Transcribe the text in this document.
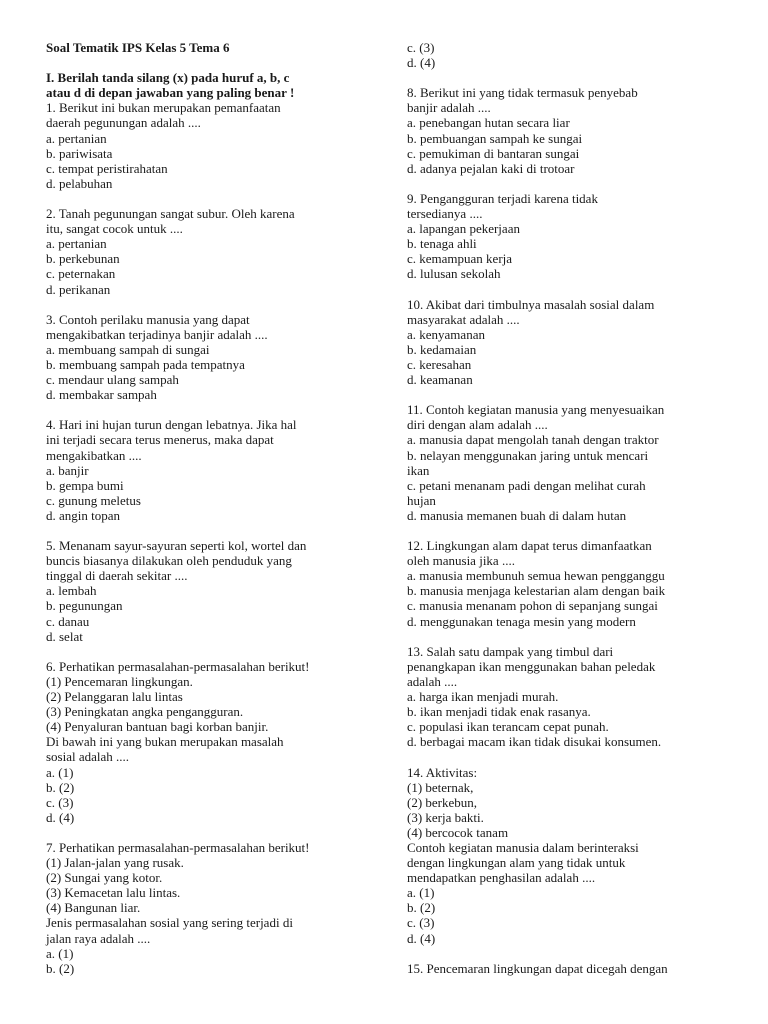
Soal Tematik IPS Kelas 5 Tema 6

I. Berilah tanda silang (x) pada huruf a, b, c

atau d di depan jawaban yang paling benar !

1. Berikut ini bukan merupakan pemanfaatan

daerah pegunungan adalah ....

a. pertanian

b. pariwisata

c. tempat peristirahatan

d. pelabuhan

2. Tanah pegunungan sangat subur. Oleh karena

itu, sangat cocok untuk ....

a. pertanian

b. perkebunan

c. peternakan

d. perikanan

3. Contoh perilaku manusia yang dapat

mengakibatkan terjadinya banjir adalah ....

a. membuang sampah di sungai

b. membuang sampah pada tempatnya

c. mendaur ulang sampah

d. membakar sampah

4. Hari ini hujan turun dengan lebatnya. Jika hal

ini terjadi secara terus menerus, maka dapat

mengakibatkan ....

a. banjir

b. gempa bumi

c. gunung meletus

d. angin topan

5. Menanam sayur-sayuran seperti kol, wortel dan

buncis biasanya dilakukan oleh penduduk yang

tinggal di daerah sekitar ....

a. lembah

b. pegunungan

c. danau

d. selat

6. Perhatikan permasalahan-permasalahan berikut!

(1) Pencemaran lingkungan.

(2) Pelanggaran lalu lintas

(3) Peningkatan angka pengangguran.

(4) Penyaluran bantuan bagi korban banjir.

Di bawah ini yang bukan merupakan masalah

sosial adalah ....

a. (1)

b. (2)

c. (3)

d. (4)

7. Perhatikan permasalahan-permasalahan berikut!

(1) Jalan-jalan yang rusak.

(2) Sungai yang kotor.

(3) Kemacetan lalu lintas.

(4) Bangunan liar.

Jenis permasalahan sosial yang sering terjadi di

jalan raya adalah ....

a. (1)

b. (2)

c. (3)

d. (4)

8. Berikut ini yang tidak termasuk penyebab

banjir adalah ....

a. penebangan hutan secara liar

b. pembuangan sampah ke sungai

c. pemukiman di bantaran sungai

d. adanya pejalan kaki di trotoar

9. Pengangguran terjadi karena tidak

tersedianya ....

a. lapangan pekerjaan

b. tenaga ahli

c. kemampuan kerja

d. lulusan sekolah

10. Akibat dari timbulnya masalah sosial dalam

masyarakat adalah ....

a. kenyamanan

b. kedamaian

c. keresahan

d. keamanan

11. Contoh kegiatan manusia yang menyesuaikan

diri dengan alam adalah ....

a. manusia dapat mengolah tanah dengan traktor

b. nelayan menggunakan jaring untuk mencari

ikan

c. petani menanam padi dengan melihat curah

hujan

d. manusia memanen buah di dalam hutan

12. Lingkungan alam dapat terus dimanfaatkan

oleh manusia jika ....

a. manusia membunuh semua hewan pengganggu

b. manusia menjaga kelestarian alam dengan baik

c. manusia menanam pohon di sepanjang sungai

d. menggunakan tenaga mesin yang modern

13. Salah satu dampak yang timbul dari

penangkapan ikan menggunakan bahan peledak

adalah ....

a. harga ikan menjadi murah.

b. ikan menjadi tidak enak rasanya.

c. populasi ikan terancam cepat punah.

d. berbagai macam ikan tidak disukai konsumen.

14. Aktivitas:

(1) beternak,

(2) berkebun,

(3) kerja bakti.

(4) bercocok tanam

Contoh kegiatan manusia dalam berinteraksi

dengan lingkungan alam yang tidak untuk

mendapatkan penghasilan adalah ....

a. (1)

b. (2)

c. (3)

d. (4)

15. Pencemaran lingkungan dapat dicegah dengan
